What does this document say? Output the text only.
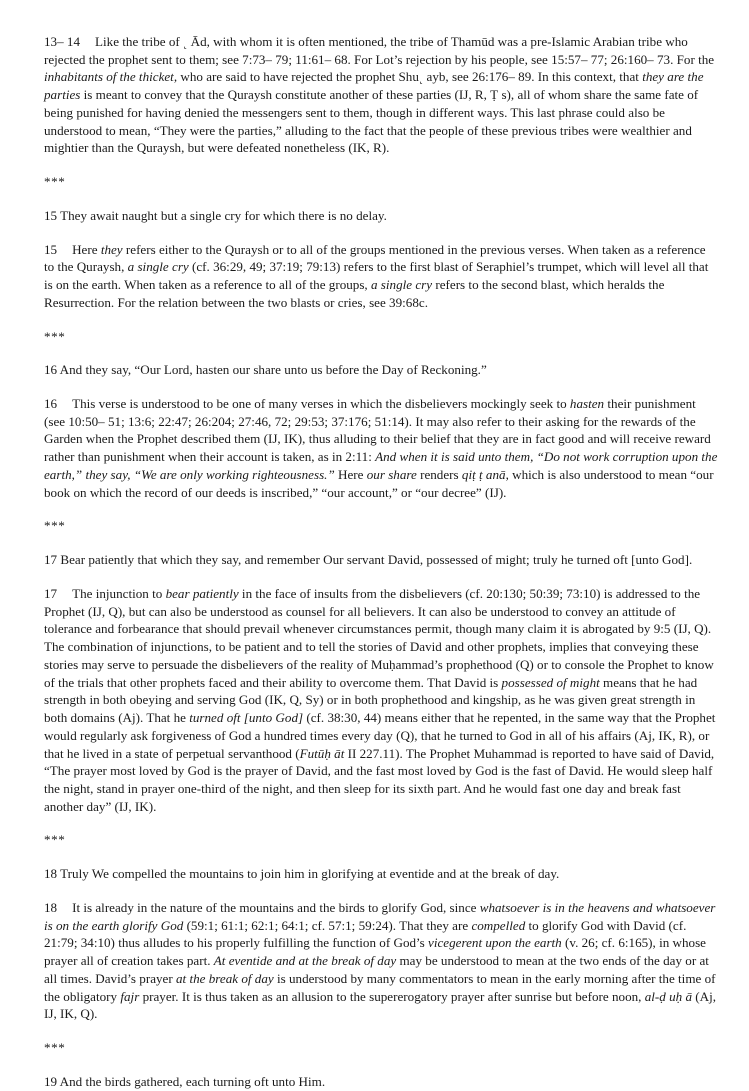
13– 14 Like the tribe of ˻ Ād, with whom it is often mentioned, the tribe of Thamūd was a pre-Islamic Arabian tribe who rejected the prophet sent to them; see 7:73– 79; 11:61– 68. For Lot’s rejection by his people, see 15:57– 77; 26:160– 73. For the inhabitants of the thicket, who are said to have rejected the prophet Shu˻ ayb, see 26:176– 89. In this context, that they are the parties is meant to convey that the Quraysh constitute another of these parties (IJ, R, Ṭ s), all of whom share the same fate of being punished for having denied the messengers sent to them, though in different ways. This last phrase could also be understood to mean, “They were the parties,” alluding to the fact that the people of these previous tribes were wealthier and mightier than the Quraysh, but were defeated nonetheless (IK, R).

***

15 They await naught but a single cry for which there is no delay.

15 Here they refers either to the Quraysh or to all of the groups mentioned in the previous verses. When taken as a reference to the Quraysh, a single cry (cf. 36:29, 49; 37:19; 79:13) refers to the first blast of Seraphiel’s trumpet, which will level all that is on the earth. When taken as a reference to all of the groups, a single cry refers to the second blast, which heralds the Resurrection. For the relation between the two blasts or cries, see 39:68c.

***

16 And they say, “Our Lord, hasten our share unto us before the Day of Reckoning.”

16 This verse is understood to be one of many verses in which the disbelievers mockingly seek to hasten their punishment (see 10:50– 51; 13:6; 22:47; 26:204; 27:46, 72; 29:53; 37:176; 51:14). It may also refer to their asking for the rewards of the Garden when the Prophet described them (IJ, IK), thus alluding to their belief that they are in fact good and will receive reward rather than punishment when their account is taken, as in 2:11: And when it is said unto them, “Do not work corruption upon the earth,” they say, “We are only working righteousness.” Here our share renders qiṭ ṭ anā, which is also understood to mean “our book on which the record of our deeds is inscribed,” “our account,” or “our decree” (IJ).

***

17 Bear patiently that which they say, and remember Our servant David, possessed of might; truly he turned oft [unto God].

17 The injunction to bear patiently in the face of insults from the disbelievers (cf. 20:130; 50:39; 73:10) is addressed to the Prophet (IJ, Q), but can also be understood as counsel for all believers. It can also be understood to convey an attitude of tolerance and forbearance that should prevail whenever circumstances permit, though many claim it is abrogated by 9:5 (IJ, Q). The combination of injunctions, to be patient and to tell the stories of David and other prophets, implies that conveying these stories may serve to persuade the disbelievers of the reality of Muḥammad’s prophethood (Q) or to console the Prophet to know of the trials that other prophets faced and their ability to overcome them. That David is possessed of might means that he had strength in both obeying and serving God (IK, Q, Sy) or in both prophethood and kingship, as he was given great strength in both domains (Aj). That he turned oft [unto God] (cf. 38:30, 44) means either that he repented, in the same way that the Prophet would regularly ask forgiveness of God a hundred times every day (Q), that he turned to God in all of his affairs (Aj, IK, R), or that he lived in a state of perpetual servanthood (Futūḥ āt II 227.11). The Prophet Muhammad is reported to have said of David, “The prayer most loved by God is the prayer of David, and the fast most loved by God is the fast of David. He would sleep half the night, stand in prayer one-third of the night, and then sleep for its sixth part. And he would fast one day and break fast another day” (IJ, IK).

***

18 Truly We compelled the mountains to join him in glorifying at eventide and at the break of day.

18 It is already in the nature of the mountains and the birds to glorify God, since whatsoever is in the heavens and whatsoever is on the earth glorify God (59:1; 61:1; 62:1; 64:1; cf. 57:1; 59:24). That they are compelled to glorify God with David (cf. 21:79; 34:10) thus alludes to his properly fulfilling the function of God’s vicegerent upon the earth (v. 26; cf. 6:165), in whose prayer all of creation takes part. At eventide and at the break of day may be understood to mean at the two ends of the day or at all times. David’s prayer at the break of day is understood by many commentators to mean in the early morning after the time of the obligatory fajr prayer. It is thus taken as an allusion to the supererogatory prayer after sunrise but before noon, al-ḍ uḥ ā (Aj, IJ, IK, Q).

***

19 And the birds gathered, each turning oft unto Him.
